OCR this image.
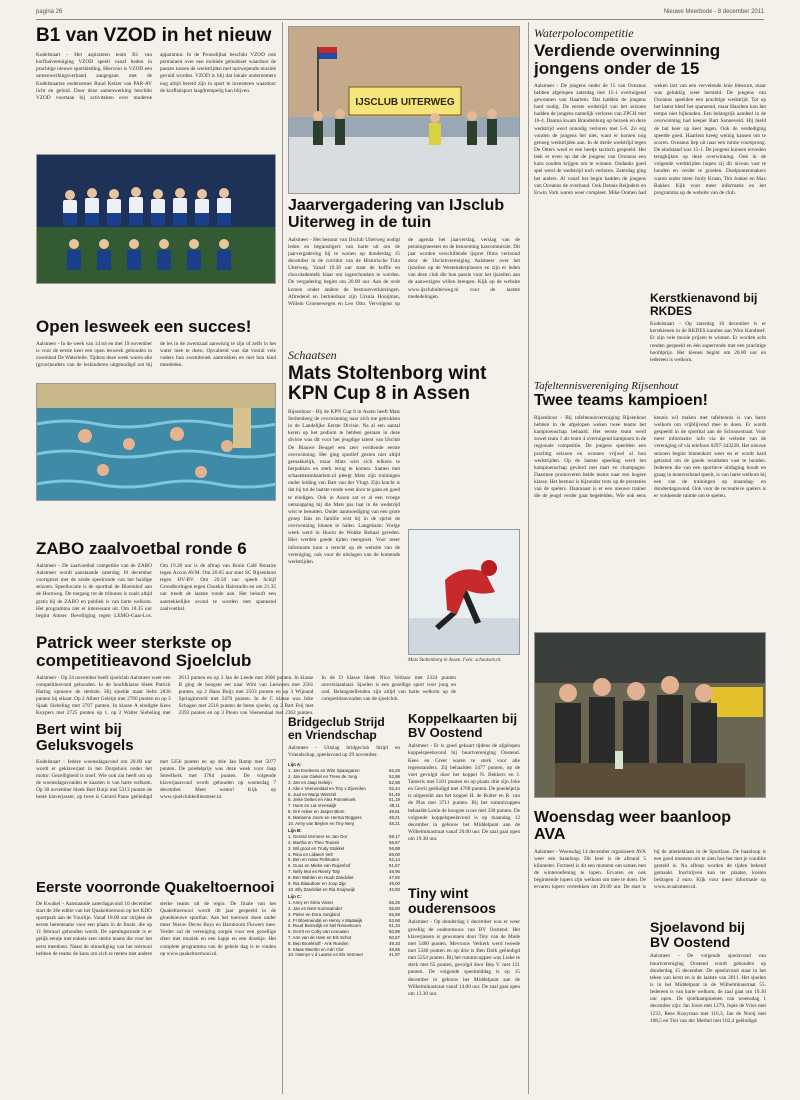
pagina 26	Nieuwe Meerbode - 8 december 2011
B1 van VZOD in het nieuw
Kudelstaart - Het aspiranten team B1 van korfbalvereniging VZOD speelt vanaf heden in prachtige nieuwe sportkleding. Hiervoor is VZOD een samenwerkingsverband aangegaan met de Kudelstaartse ondernemer Ruud Keizer van PAR-AV licht en geluid. Door deze samenwerking beschikt VZOD voortaan bij activiteiten over moderne apparatuur. In de Proosdijhal beschikt VZOD ook permanent over een mobiele geluidsset waardoor de pauzes tussen de wedstrijden met opzwepende muziek gevuld worden. VZOD is blij dat lokale ondernemers nog altijd bereid zijn in sport te investeren waardoor de korfbalsport laagdrempelig kan blijven.
Open lesweek een succes!
Aalsmeer - In de week van 14 tot en met 19 november is voor de eerste keer een open lesweek gehouden in zwembad De Waterlelie. Tijdens deze week waren alle (groot)ouders van de leskinderen uitgenodigd om bij de les in de zwemzaal aanwezig te zijn of zelfs in het water mee te doen. Opvallend was dat vooral vele vaders hun zwembroek aantrokken en met hun kind meededen.
ZABO zaalvoetbal ronde 6
Aalsmeer - De zaalvoetbal competitie van de ZABO Aalsmeer wordt aanstaande zaterdag 10 december voortgezet met de zesde speelronde van het huidige seizoen. Speellocatie is de sporthal de Bloemhof aan de Hornweg. De toegang tot de tribunes is zoals altijd gratis bij de ZABO en publiek is van harte welkom. Het programma ziet er interessant uit. Om 18.35 uur begint Amsec Beveiliging tegen LEMO-Gaat-Los. Om 19.20 uur is de aftrap van Bruin Café Bonaire tegen Accon AVM. Om 20.05 uur start SC Rijsenhout tegen HV-BV. Om 20.50 uur speelt Schijf Grondboringen tegen Choekis Hairstudio en om 21.35 uur treedt de laatste ronde aan. Het belooft een aantrekkelijke avond te worden met spannend zaalvoetbal.
Patrick weer sterkste op competitieavond Sjoelclub
Aalsmeer - Op 24 november heeft sjoelclub Aalsmeer weer een competitieavond gehouden. In de hoofdklasse bleek Patrick Haring opnieuw de sterkste. Hij sjoelde maar liefst 2836 punten bij elkaar. Op 2 Albert Geleijn met 2760 punten en op 3 Sjaak Siebeling met 2707 punten. In klasse A eindigde Kees Kuypers met 2725 punten op 1, op 2 Walter Siebeling met 2613 punten en op 3 Jan de Leede met 2606 punten. In klasse B ging de hoogste eer naar Wim van Leeuwen met 2561 punten, op 2 Hans Buijs met 2503 punten en op 3 Wijnand Springintveld met 2470 punten. In de C klasse was Joke Schagen met 2516 punten de beste sjoeler, op 2 Bart Feij met 2393 punten en op 3 Pleun van Veenendaal met 2362 punten. In de D klasse bleek Nico Verbaar met 2324 punten onverslaanbaar. Sjoelen is een gezellige sport voor jong en oud. Belangstellenden zijn altijd van harte welkom op de competitieavonden van de sjoelclub.
Bert wint bij Geluksvogels
Kudelstaart - Iedere woensdagavond om 20.00 uur wordt er geklaverjast in het Dorpshuis onder het motto: Gezelligheid is troef. Wie ook zin heeft om op de woensdagavonden te kaarten is van harte welkom. Op 30 november bleek Bert Buijs met 5313 punten de beste klaverjasser, op twee is Gerard Pauw geëindigd met 5256 punten en op drie Jan Ramp met 5077 punten. De poedelprijs was deze week voor Jaap Streefkerk met 3784 punten. De volgende klaverjasavond wordt gehouden op woensdag 7 december. Meer weten? Kijk op www.sjoelclubkelliesmeer.nl.
Eerste voorronde Quakeltoernooi
De Kwakel - Aanstaande zaterdagavond 10 december start de 26e editie van het Quakeltoernooi op het KDO sportpark aan de Vuurlijn. Vanaf 18.00 uur strijden de eerste herenteams voor een plaats in de finale, die op 11 februari gehouden wordt. De openingsronde is er gelijk eentje met enkele zeer sterke teams die voor het eerst meedoen. Naast de uitnodiging van het toernooi hebben de teams de kans om zich te meten met andere sterke teams uit de regio. De finale van het Quakeltoernooi wordt dit jaar gespeeld in de gloednieuwe sporthal. Aan het toernooi doen onder meer Nieuw Decos Boys en Barnhoorn Flowers mee. Verder zal de vereniging zorgen voor een gezellige sfeer met muziek en een hapje en een drankje. Het complete programma van de gehele dag is te vinden op www.quakeltoernooi.nl.
IJSCLUB UITERWEG
Jaarvergadering van IJsclub Uiterweg in de tuin
Aalsmeer - Het bestuur van IJsclub Uiterweg nodigt leden en begunstigers van harte uit om de jaarvergadering bij te wonen op donderdag 15 december in de corridor van de Historische Tuin Uiterweg. Vanaf 19.30 uur staat de koffie en chocolademelk klaar om ingeschonken te worden. De vergadering begint om 20.00 uur. Aan de orde komen onder andere de bestuursverkiezingen. Aftredend en herkiesbaar zijn Ursula Hooijman, Willem Groenewegen en Leo Otto. Vervolgens op de agenda het jaarverslag, verslag van de penningmeester en de benoeming kascommissie. Dit jaar worden verschillende ijspret films vertoond door de IJsclubvereniging Aalsmeer over het ijszeilen op de Westeinderplassen en zijn er leden van deze club die hun passie voor het ijszeilen aan de aanwezigen willen brengen. Kijk op de website www.ijsclubuiterweg.nl voor de laatste mededelingen.
Schaatsen
Mats Stoltenborg wint KPN Cup 8 in Assen
Rijsenhout - Bij de KPN Cup 8 in Assen heeft Mats Stoltenborg de overwinning naar zich toe getrokken in de Landelijke Eerste Divisie. Na al een aantal keren op het podium te hebben gestaan in deze divisie was dit voor het jeugdige talent van IJsclub De Blauwe Beugel een zeer verdiende eerste overwinning. Het ging sportief gezien niet altijd gemakkelijk, maar Mats wist zich telkens te herpakken en sterk terug te komen. Samen met schaatsteamhaarlem.nl pleegt Mats zijn trainingen onder leiding van Bart van der Vlugt. Zijn kracht is dat hij tot de laatste ronde weet door te gaan en goed te eindigen. Ook in Assen zat er al een vroege ontsnapping bij die Mats pas laat in de wedstrijd wist te benutten. Onder aanmoediging van een grote groep fans en familie wist hij in de sprint de overwinning binnen te halen. Langebaan: Vorige week werd in Hoorn de Wokke Bokaal gereden. Hier werden goede tijden neergezet. Voor meer informatie kunt u terecht op de website van de vereniging, ook voor de uitslagen van de komende wedstrijden.
Mats Stoltenborg in Assen. Foto: schaatsen.nl.
Bridgeclub Strijd en Vriendschap
Aalsmeer - Uitslag bridgeclub Strijd en Vriendschap, speelavond op 29 november.
Lijn A:
1. Jan Eveleens en Wim Spaargaren	62,26
2. Jan van Giekel en Trees de Jong	52,98
3. Jan en Jaap Geleijn	52,98
4. Alie v Veenendaal en Tiny v Zijverden	52,44
5. Juul en Marja Wentzel	51,49
6. Jeike Deltes en Alex Ponnekoek	51,19
7. Hans en Lia Vreeswijk	49,11
8. Gré Anker en Jasper Blom	48,81
9. Marianne Joore en Herma Reggers	48,21
10. Anny van Beyten en Tiny Nenj	48,21
Lijn B:
1. Gerard Vermeer en Jan Oor	59,17
2. Martha en Theo Teunen	56,67
3. Wil groot en Trudy Stokkel	56,88
4. Rina en Lidwien Velt	55,00
5. Ben en Hans Pellmuten	52,14
6. Guus en Mieke van Ruijenhof	51,67
7. Nelly Mol en Rienty Tolp	48,96
8. Ben Wahlen en Huub Zandvliet	47,92
9. Ria Blaauboer en Joop Zijp	45,00
10. Elly Zandvliet en Ria Kruijswijk	42,50
Lijn C:
1. Anny en Sima Visser	56,25
2. Jan en Nien Korenwinder	55,80
3. Pieter en Dora Jongkind	55,58
4. Fr Bloemendal en Henry v Maatwijk	52,68
5. Ruud Beinsdijk en Nel Reseekoorn	51,34
6. Gerrit en Coby van Leeuwen	50,89
7. Ann van de Ham en Els Schot	50,67
8. Bep Broekhoff - Ank Roeden	49,33
9. Klaas Meertin en Adri Clor	48,66
10. Hannyv v d Laarse en Els Vermeer	41,97
Koppelkaarten bij BV Oostend
Aalsmeer - Er is goed gekaart tijdens de afgelopen koppelspeelavond bij buurtvereniging Oostend. Kees en Greet waren te sterk voor alle tegenstanders. Zij behaalden 5477 punten, op de voet gevolgd door het koppel N. Bekkers en J. Tameris met 5181 punten en op plaats drie zijn Joke en Gerrit geëindigd met 4768 punten. De poedelprijs is uitgereikt aan het koppel H. de Ruiter en R. van de Plas met 3711 punten. Bij het rummicuppen behaalde Lenie de hoogste score met 330 punten. De volgende koppelspeelavond is op maandag 12 december in gebouw het Middelpunt aan de Wilhelminastraat vanaf 20.00 uur. De zaal gaat open om 19.30 uur.
Tiny wint ouderensoos
Aalsmeer - Op donderdag 1 december was er weer gezellig de ouderensoos van BV Oostend. Het klaverjassen is gewonnen door Tiny van de Made met 5460 punten. Mevrouw Verkerk werd tweede met 5340 punten en op drie is Ben Dolk geëindigd met 5254 punten. Bij het rummicuppen was Lieke te sterk met 65 punten, gevolgd door Bep V. met 121 punten. De volgende speelmiddag is op 15 december in gebouw het Middelpunt aan de Wilhelminastraat vanaf 14.00 uur. De zaal gaat open om 13.30 uur.
Waterpolocompetitie
Verdiende overwinning jongens onder de 15
Aalsmeer - De jongens onder de 15 van Oceanus hebben afgelopen zaterdag met 15-1 overtuigend gewonnen van Haarlem. Dat hadden de jongens hard nodig. De eerste wedstrijd van het seizoen hadden de jongens namelijk verloren van ZPCH met 16-4. Daarna kwam Brandenburg op bezoek en deze wedstrijd werd onnodig verloren met 5-6. Zo erg vonden de jongens het niet, want er komen nog genoeg wedstrijden aan. In de derde wedstrijd tegen De Otters werd er een beetje tactisch gespeeld. Het leek er even op dat de jongens van Oceanus een kans zouden krijgen om te winnen. Ondanks goed spel werd de wedstrijd toch verloren. Zaterdag ging het anders. Al vanaf het begin hadden de jongens van Oceanus de overhand. Ook Dennis Reijnders en Erwin Vork waren weer compleet. Mike Oomen had weken last van een vervelende knie blessure, maar was gelukkig weer hersteld. De jongens van Oceanus speelden een prachtige wedstrijd. Tot op het laatst bleef het spannend, maar Haarlem kon het tempo niet bijhouden. Een belangrijk aandeel in de overwinning had keeper Bart Sonneveld. Hij hield de bal keer op keer tegen. Ook de verdediging speelde goed. Haarlem kreeg weinig kansen om te scoren. Oceanus liep uit naar een ruime voorsprong. De eindstand was 15-1. De jongens kunnen tevreden terugkijken op deze overwinning. Ook in de volgende wedstrijden hopen zij dit niveau vast te houden en verder te groeien. Doelpuntenmakers waren onder meer Jordy Kraan, Tim Jonker en Max Bakker. Kijk voor meer informatie en het programma op de website van de club.
Kerstkienavond bij RKDES
Kudelstaart - Op zaterdag 10 december is er kerstkienen in de RKDES kantine aan Wim Kandreef. Er zijn vele mooie prijzen te winnen. Er worden acht ronden gespeeld en één superronde met een prachtige hoofdprijs. Het kienen begint om 20.00 uur en iedereen is welkom.
Tafeltennisvereniging Rijsenhout
Twee teams kampioen!
Rijsenhout - Bij tafeltennisvereniging Rijsenhout hebben in de afgelopen weken twee teams het kampioenschap behaald. Het eerste team werd zowel team 1 als team 4 overtuigend kampioen in de regionale competitie. De jongens speelden een prachtig seizoen en wonnen vrijwel al hun wedstrijden. Op de laatste speeldag werd het kampioenschap gevierd met taart en champagne. Daarmee promoveren beide teams naar een hogere klasse. Het bestuur is bijzonder trots op de prestaties van de spelers. Daarnaast is er een nieuwe trainer die de jeugd verder gaat begeleiden. Wie ook eens kennis wil maken met tafeltennis is van harte welkom om vrijblijvend mee te doen. Er wordt gespeeld in de sporthal aan de Schouwstraat. Voor meer informatie: info via de website van de vereniging of via telefoon 0297-343228. Het nieuwe seizoen begint binnenkort weer en er wordt hard getraind om de goede resultaten vast te houden. Iedereen die van een sportieve uitdaging houdt en graag in teamverband speelt, is van harte welkom bij een van de trainingen op maandag- en donderdagavond. Ook voor de recreatieve spelers is er voldoende ruimte om te spelen.
Woensdag weer baanloop AVA
Aalsmeer - Woensdag 14 december organiseert AVA weer een baanloop. Dit keer is de afstand 5 kilometer. Formeel is dit een moment om samen met de winteroefening te lopen. Ervaren en ook beginnende lopers zijn welkom om mee te doen. De ervaren lopers vertrekken om 20.00 uur. De start is bij de atletiekbaan in de Sportlaan. De baanloop is een goed moment om te zien hoe het met je conditie gesteld is. Na afloop worden de tijden bekend gemaakt. Inschrijven kan ter plaatse, kosten bedragen 2 euro. Kijk voor meer informatie op www.avaalsmeer.nl.
Sjoelavond bij BV Oostend
Aalsmeer - De volgende sjoelavond van buurtvereniging Oostend wordt gehouden op donderdag 15 december. De speelavond staat in het teken van kerst en is de laatste van 2011. Het sjoelen is in het Middelpunt in de Wilhelminastraat 55. Iedereen is van harte welkom, de zaal gaat om 19.30 uur open. De sjoelkampioenen van woensdag 1 december zijn: Jan Joore met 1279, Jopie de Vries met 1233, Rees Kooyman met 116,3, Jan de Nooij met 108,5 en Tini van der Merbel met 102,4 geëindigd.
